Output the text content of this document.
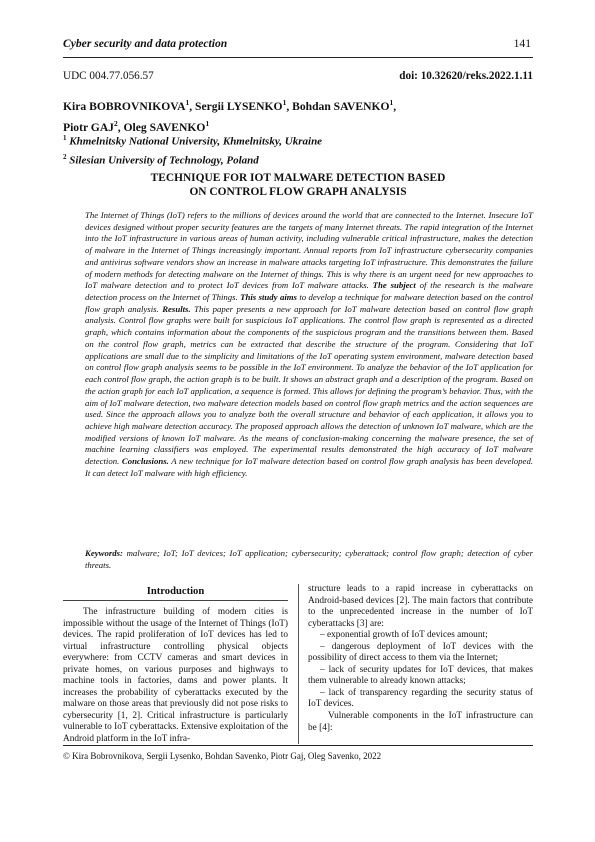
Cyber security and data protection	141
UDC 004.77.056.57	doi: 10.32620/reks.2022.1.11
Kira BOBROVNIKOVA$^1$, Sergii LYSENKO$^1$, Bohdan SAVENKO$^1$,
Piotr GAJ$^2$, Oleg SAVENKO$^1$
$^1$ Khmelnitsky National University, Khmelnitsky, Ukraine
$^2$ Silesian University of Technology, Poland
TECHNIQUE FOR IOT MALWARE DETECTION BASED
ON CONTROL FLOW GRAPH ANALYSIS
The Internet of Things (IoT) refers to the millions of devices around the world that are connected to the Internet. Insecure IoT devices designed without proper security features are the targets of many Internet threats. The rapid integration of the Internet into the IoT infrastructure in various areas of human activity, including vulnerable critical infrastructure, makes the detection of malware in the Internet of Things increasingly important. Annual reports from IoT infrastructure cybersecurity companies and antivirus software vendors show an increase in malware attacks targeting IoT infrastructure. This demonstrates the failure of modern methods for detecting malware on the Internet of things. This is why there is an urgent need for new approaches to IoT malware detection and to protect IoT devices from IoT malware attacks. The subject of the research is the malware detection process on the Internet of Things. This study aims to develop a technique for malware detection based on the control flow graph analysis. Results. This paper presents a new approach for IoT malware detection based on control flow graph analysis. Control flow graphs were built for suspicious IoT applications. The control flow graph is represented as a directed graph, which contains information about the components of the suspicious program and the transitions between them. Based on the control flow graph, metrics can be extracted that describe the structure of the program. Considering that IoT applications are small due to the simplicity and limitations of the IoT operating system environment, malware detection based on control flow graph analysis seems to be possible in the IoT environment. To analyze the behavior of the IoT application for each control flow graph, the action graph is to be built. It shows an abstract graph and a description of the program. Based on the action graph for each IoT application, a sequence is formed. This allows for defining the program’s behavior. Thus, with the aim of IoT malware detection, two malware detection models based on control flow graph metrics and the action sequences are used. Since the approach allows you to analyze both the overall structure and behavior of each application, it allows you to achieve high malware detection accuracy. The proposed approach allows the detection of unknown IoT malware, which are the modified versions of known IoT malware. As the means of conclusion-making concerning the malware presence, the set of machine learning classifiers was employed. The experimental results demonstrated the high accuracy of IoT malware detection. Conclusions. A new technique for IoT malware detection based on control flow graph analysis has been developed. It can detect IoT malware with high efficiency.
Keywords: malware; IoT; IoT devices; IoT application; cybersecurity; cyberattack; control flow graph; detection of cyber threats.
Introduction

The infrastructure building of modern cities is impossible without the usage of the Internet of Things (IoT) devices. The rapid proliferation of IoT devices has led to virtual infrastructure controlling physical objects everywhere: from CCTV cameras and smart devices in private homes, on various purposes and highways to machine tools in factories, dams and power plants. It increases the probability of cyberattacks executed by the malware on those areas that previously did not pose risks to cybersecurity [1, 2]. Critical infrastructure is particularly vulnerable to IoT cyberattacks. Extensive exploitation of the Android platform in the IoT infra-

structure leads to a rapid increase in cyberattacks on Android-based devices [2]. The main factors that contribute to the unprecedented increase in the number of IoT cyberattacks [3] are:

– exponential growth of IoT devices amount;

– dangerous deployment of IoT devices with the possibility of direct access to them via the Internet;

– lack of security updates for IoT devices, that makes them vulnerable to already known attacks;

– lack of transparency regarding the security status of IoT devices.

Vulnerable components in the IoT infrastructure can be [4]:

© Kira Bobrovnikova, Sergii Lysenko, Bohdan Savenko, Piotr Gaj, Oleg Savenko, 2022
